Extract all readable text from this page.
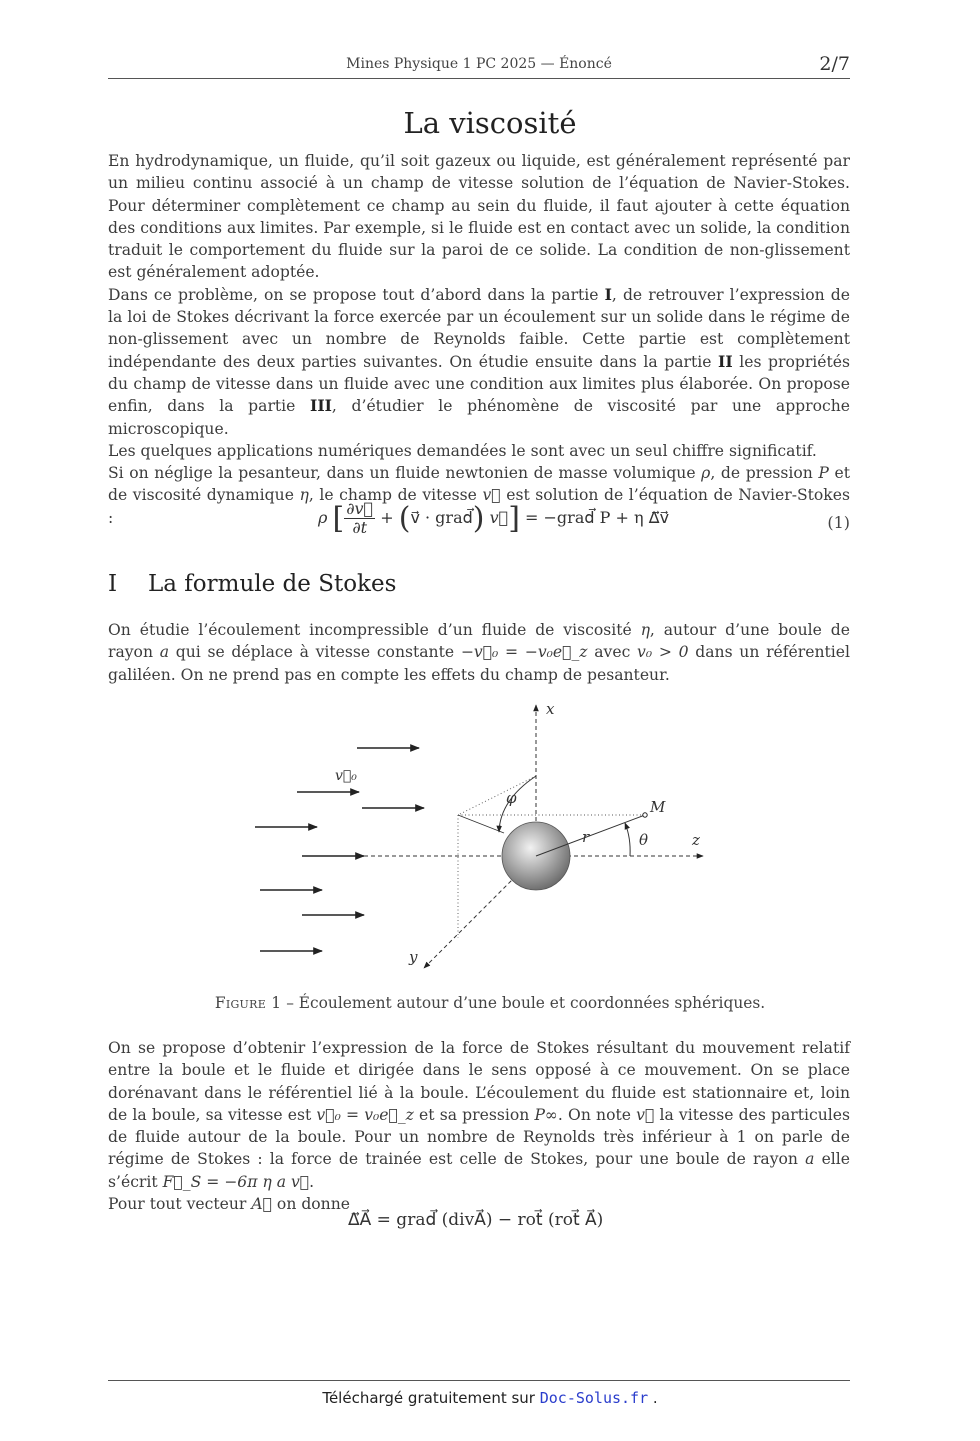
Mines Physique 1 PC 2025 — Énoncé	2/7
La viscosité

En hydrodynamique, un fluide, qu’il soit gazeux ou liquide, est généralement représenté par un milieu continu associé à un champ de vitesse solution de l’équation de Navier-Stokes. Pour déterminer complètement ce champ au sein du fluide, il faut ajouter à cette équation des conditions aux limites. Par exemple, si le fluide est en contact avec un solide, la condition traduit le comportement du fluide sur la paroi de ce solide. La condition de non-glissement est généralement adoptée.

Dans ce problème, on se propose tout d’abord dans la partie I, de retrouver l’expression de la loi de Stokes décrivant la force exercée par un écoulement sur un solide dans le régime de non-glissement avec un nombre de Reynolds faible. Cette partie est complètement indépendante des deux parties suivantes. On étudie ensuite dans la partie II les propriétés du champ de vitesse dans un fluide avec une condition aux limites plus élaborée. On propose enfin, dans la partie III, d’étudier le phénomène de viscosité par une approche microscopique.

Les quelques applications numériques demandées le sont avec un seul chiffre significatif.

Si on néglige la pesanteur, dans un fluide newtonien de masse volumique ρ, de pression P et de viscosité dynamique η, le champ de vitesse v⃗ est solution de l’équation de Navier-Stokes :	ρ [ $\frac{\partial v⃗}{\partial t}$ + (v⃗ · grad⃗) v⃗] = −grad⃗ P + η Δ⃗v⃗	(1)
I La formule de Stokes

On étudie l’écoulement incompressible d’un fluide de viscosité η, autour d’une boule de rayon a qui se déplace à vitesse constante −v⃗₀ = −v₀e⃗_z avec v₀ > 0 dans un référentiel galiléen. On ne prend pas en compte les effets du champ de pesanteur.

x
z
y
M
r	θ
φ
v⃗₀
Figure 1 – Écoulement autour d’une boule et coordonnées sphériques.

On se propose d’obtenir l’expression de la force de Stokes résultant du mouvement relatif entre la boule et le fluide et dirigée dans le sens opposé à ce mouvement. On se place dorénavant dans le référentiel lié à la boule. L’écoulement du fluide est stationnaire et, loin de la boule, sa vitesse est v⃗₀ = v₀e⃗_z et sa pression P∞. On note v⃗ la vitesse des particules de fluide autour de la boule. Pour un nombre de Reynolds très inférieur à 1 on parle de régime de Stokes : la force de trainée est celle de Stokes, pour une boule de rayon a elle s’écrit F⃗_S = −6π η a v⃗.

Pour tout vecteur A⃗ on donne

Δ⃗A⃗ = grad⃗ (divA⃗) − rot⃗ (rot⃗ A⃗)
Téléchargé gratuitement sur Doc-Solus.fr .
